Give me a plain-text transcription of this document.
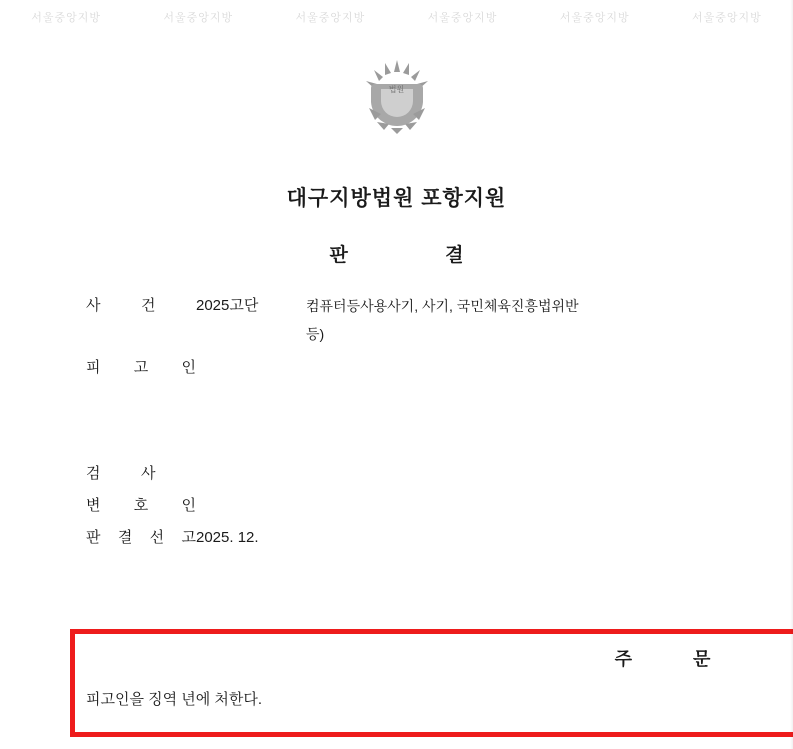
서울중앙지방	서울중앙지방	서울중앙지방	서울중앙지방	서울중앙지방	서울중앙지방
법원
대구지방법원 포항지원
판	결
사	건	2025고단	컴퓨터등사용사기, 사기, 국민체육진흥법위반
등)
피 고 인
검	사
변 호 인
판 결 선 고 2025. 12.
주	문
피고인을 징역 년에 처한다.
